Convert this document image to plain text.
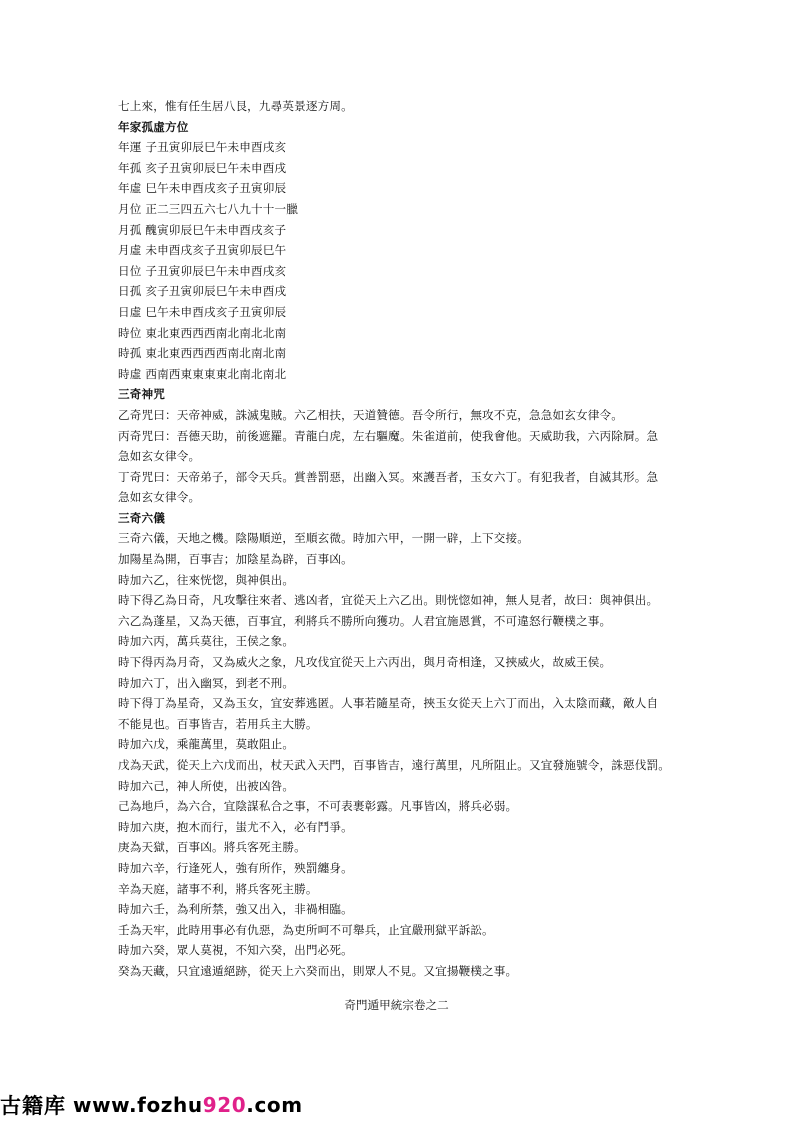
七上來，惟有任生居八艮，九尋英景逐方周。
年家孤虛方位
年運 子丑寅卯辰巳午未申酉戌亥
年孤 亥子丑寅卯辰巳午未申酉戌
年虛 巳午未申酉戌亥子丑寅卯辰
月位 正二三四五六七八九十十一臘
月孤 醜寅卯辰巳午未申酉戌亥子
月虛 未申酉戌亥子丑寅卯辰巳午
日位 子丑寅卯辰巳午未申酉戌亥
日孤 亥子丑寅卯辰巳午未申酉戌
日虛 巳午未申酉戌亥子丑寅卯辰
時位 東北東西西西南北南北北南
時孤 東北東西西西西南北南北南
時虛 西南西東東東東北南北南北
三奇神咒
乙奇咒曰：天帝神威，誅滅鬼賊。六乙相扶，天道贊德。吾令所行，無攻不克，急急如玄女律令。
丙奇咒曰：吾德天助，前後遮羅。青龍白虎，左右驅魔。朱雀道前，使我會他。天威助我，六丙除屙。急
急如玄女律令。
丁奇咒曰：天帝弟子，部令天兵。賞善罰惡，出幽入冥。來護吾者，玉女六丁。有犯我者，自滅其形。急
急如玄女律令。
三奇六儀
三奇六儀，天地之機。陰陽順逆，至順玄微。時加六甲，一開一辟，上下交接。
加陽星為開，百事吉；加陰星為辟，百事凶。
時加六乙，往來恍惚，與神俱出。
時下得乙為日奇，凡攻擊往來者、逃凶者，宜從天上六乙出。則恍惚如神，無人見者，故曰：與神俱出。
六乙為蓬星，又為天德，百事宜，利將兵不勝所向獲功。人君宜施恩賞，不可違怒行鞭樸之事。
時加六丙，萬兵莫往，王侯之象。
時下得丙為月奇，又為威火之象，凡攻伐宜從天上六丙出，與月奇相逢，又挾威火，故威王侯。
時加六丁，出入幽冥，到老不刑。
時下得丁為星奇，又為玉女，宜安葬逃匿。人事若隨星奇，挾玉女從天上六丁而出，入太陰而藏，敵人自
不能見也。百事皆吉，若用兵主大勝。
時加六戊，乘龍萬里，莫敢阻止。
戊為天武，從天上六戊而出，杖天武入天門，百事皆吉，遠行萬里，凡所阻止。又宜發施號令，誅惡伐罰。
時加六己，神人所使，出被凶咎。
己為地戶，為六合，宜陰謀私合之事，不可表裹彰露。凡事皆凶，將兵必弱。
時加六庚，抱木而行，蚩尤不入，必有鬥爭。
庚為天獄，百事凶。將兵客死主勝。
時加六辛，行逢死人，強有所作，殃罰纏身。
辛為天庭，諸事不利，將兵客死主勝。
時加六壬，為利所禁，強又出入，非禍相臨。
壬為天牢，此時用事必有仇惡，為吏所呵不可舉兵，止宜嚴刑獄平訴訟。
時加六癸，眾人莫視，不知六癸，出門必死。
癸為天藏，只宜遠遁絕跡，從天上六癸而出，則眾人不見。又宜揚鞭樸之事。
奇門遁甲統宗卷之二
古籍库 www.fozhu920.com
